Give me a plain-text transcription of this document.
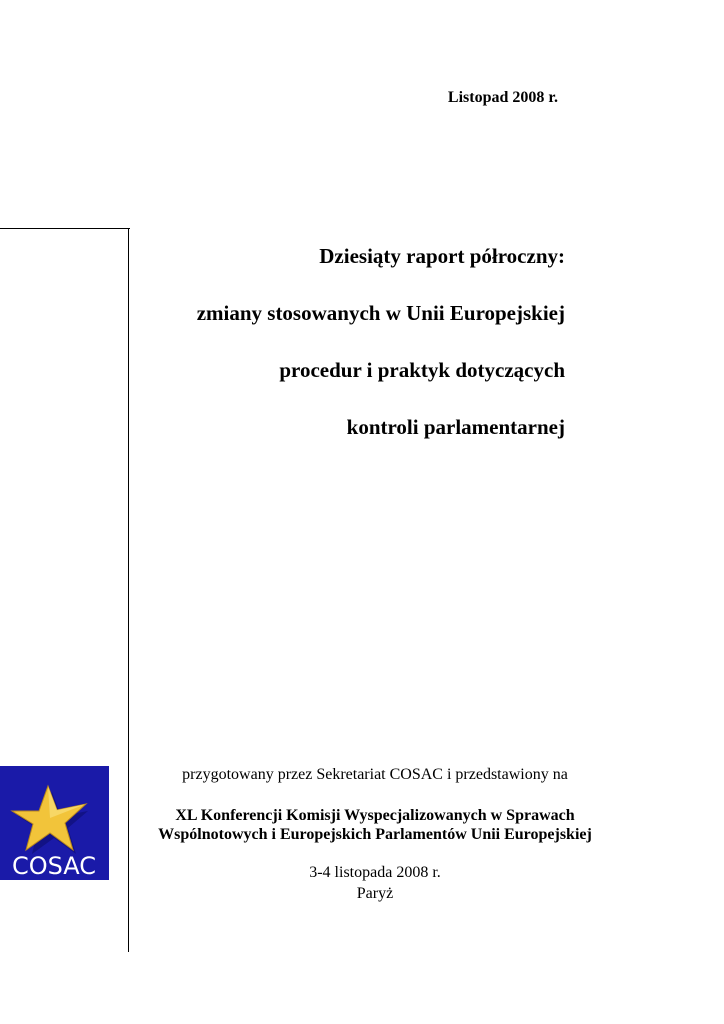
Listopad 2008 r.
Dziesiąty raport półroczny:
zmiany stosowanych w Unii Europejskiej
procedur i praktyk dotyczących
kontroli parlamentarnej
COSAC
przygotowany przez Sekretariat COSAC i przedstawiony na
XL Konferencji Komisji Wyspecjalizowanych w Sprawach
Wspólnotowych i Europejskich Parlamentów Unii Europejskiej
3-4 listopada 2008 r.
Paryż
